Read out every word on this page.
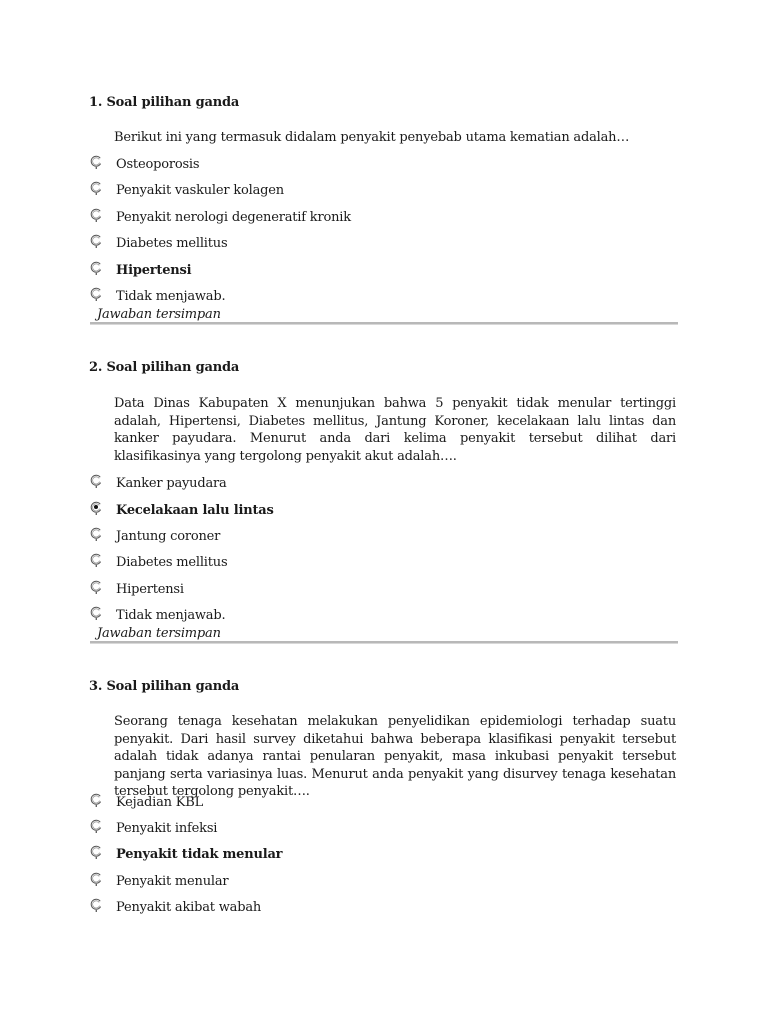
1. Soal pilihan ganda
Berikut ini yang termasuk didalam penyakit penyebab utama kematian adalah…
Osteoporosis
Penyakit vaskuler kolagen
Penyakit nerologi degeneratif kronik
Diabetes mellitus
Hipertensi
Tidak menjawab.
Jawaban tersimpan
2. Soal pilihan ganda
Data Dinas Kabupaten X menunjukan bahwa 5 penyakit tidak menular tertinggi adalah, Hipertensi, Diabetes mellitus, Jantung Koroner, kecelakaan lalu lintas dan kanker payudara. Menurut anda dari kelima penyakit tersebut dilihat dari klasifikasinya yang tergolong penyakit akut adalah….
Kanker payudara
Kecelakaan lalu lintas
Jantung coroner
Diabetes mellitus
Hipertensi
Tidak menjawab.
Jawaban tersimpan
3. Soal pilihan ganda
Seorang tenaga kesehatan melakukan penyelidikan epidemiologi terhadap suatu penyakit. Dari hasil survey diketahui bahwa beberapa klasifikasi penyakit tersebut adalah tidak adanya rantai penularan penyakit, masa inkubasi penyakit tersebut panjang serta variasinya luas. Menurut anda penyakit yang disurvey tenaga kesehatan tersebut tergolong penyakit….
Kejadian KBL
Penyakit infeksi
Penyakit tidak menular
Penyakit menular
Penyakit akibat wabah
